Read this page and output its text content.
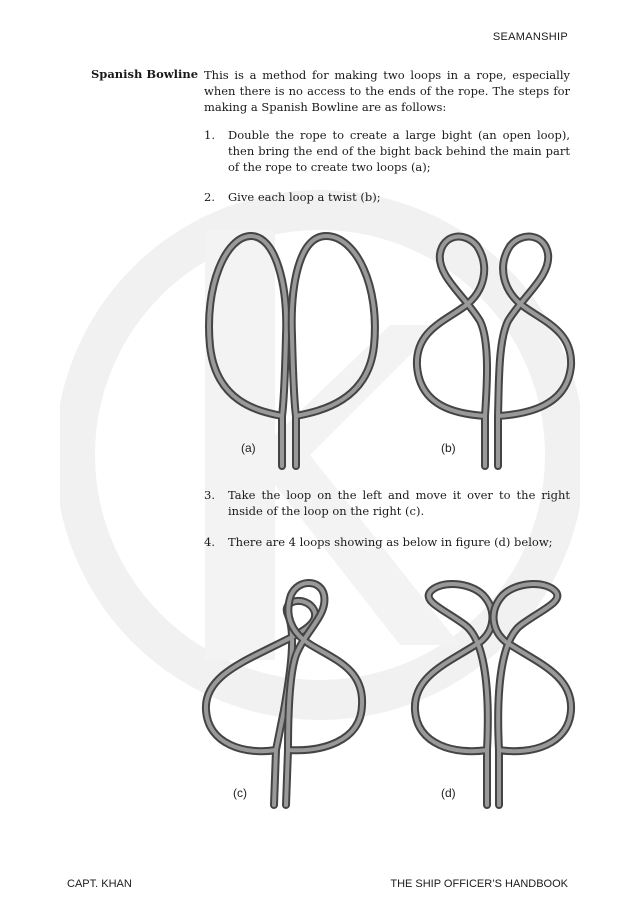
SEAMANSHIP
Spanish Bowline This is a method for making two loops in a rope, especially when there is no access to the ends of the rope. The steps for making a Spanish Bowline are as follows:
1. Double the rope to create a large bight (an open loop), then bring the end of the bight back behind the main part of the rope to create two loops (a);
2. Give each loop a twist (b);
(a)	(b)
3. Take the loop on the left and move it over to the right inside of the loop on the right (c).
4. There are 4 loops showing as below in figure (d) below;
(c)	(d)
CAPT. KHAN	THE SHIP OFFICER’S HANDBOOK
